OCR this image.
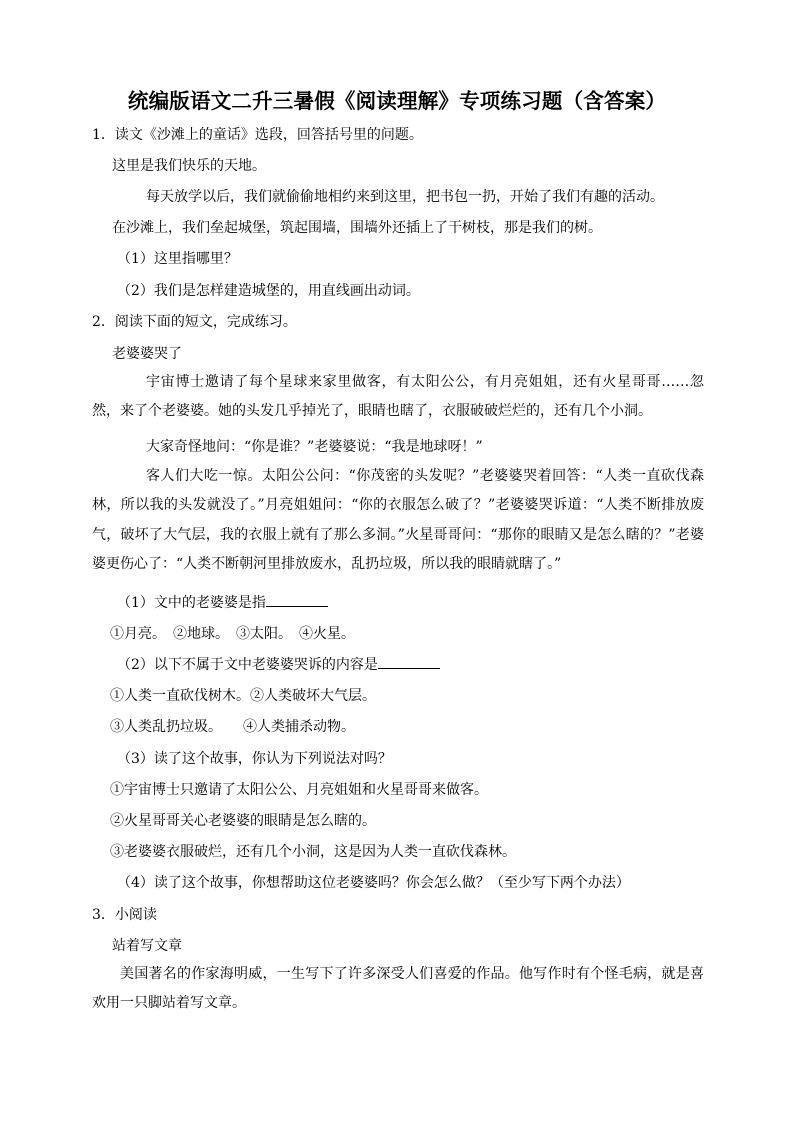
统编版语文二升三暑假《阅读理解》专项练习题（含答案）
1．读文《沙滩上的童话》选段，回答括号里的问题。
这里是我们快乐的天地。
每天放学以后，我们就偷偷地相约来到这里，把书包一扔，开始了我们有趣的活动。
在沙滩上，我们垒起城堡，筑起围墙，围墙外还插上了干树枝，那是我们的树。
（1）这里指哪里？
（2）我们是怎样建造城堡的，用直线画出动词。
2．阅读下面的短文，完成练习。
老婆婆哭了
宇宙博士邀请了每个星球来家里做客，有太阳公公，有月亮姐姐，还有火星哥哥……忽然，来了个老婆婆。她的头发几乎掉光了，眼睛也瞎了，衣服破破烂烂的，还有几个小洞。
大家奇怪地问：“你是谁？”老婆婆说：“我是地球呀！”
客人们大吃一惊。太阳公公问：“你茂密的头发呢？”老婆婆哭着回答：“人类一直砍伐森林，所以我的头发就没了。”月亮姐姐问：“你的衣服怎么破了？”老婆婆哭诉道：“人类不断排放废气，破坏了大气层，我的衣服上就有了那么多洞。”火星哥哥问：“那你的眼睛又是怎么瞎的？”老婆婆更伤心了：“人类不断朝河里排放废水，乱扔垃圾，所以我的眼睛就瞎了。”
（1）文中的老婆婆是指
①月亮。　②地球。　③太阳。　④火星。
（2）以下不属于文中老婆婆哭诉的内容是
①人类一直砍伐树木。②人类破坏大气层。
③人类乱扔垃圾。　　④人类捕杀动物。
（3）读了这个故事，你认为下列说法对吗？
①宇宙博士只邀请了太阳公公、月亮姐姐和火星哥哥来做客。
②火星哥哥关心老婆婆的眼睛是怎么瞎的。
③老婆婆衣服破烂，还有几个小洞，这是因为人类一直砍伐森林。
（4）读了这个故事，你想帮助这位老婆婆吗？你会怎么做？（至少写下两个办法）
3．小阅读
站着写文章
美国著名的作家海明威，一生写下了许多深受人们喜爱的作品。他写作时有个怪毛病，就是喜欢用一只脚站着写文章。
